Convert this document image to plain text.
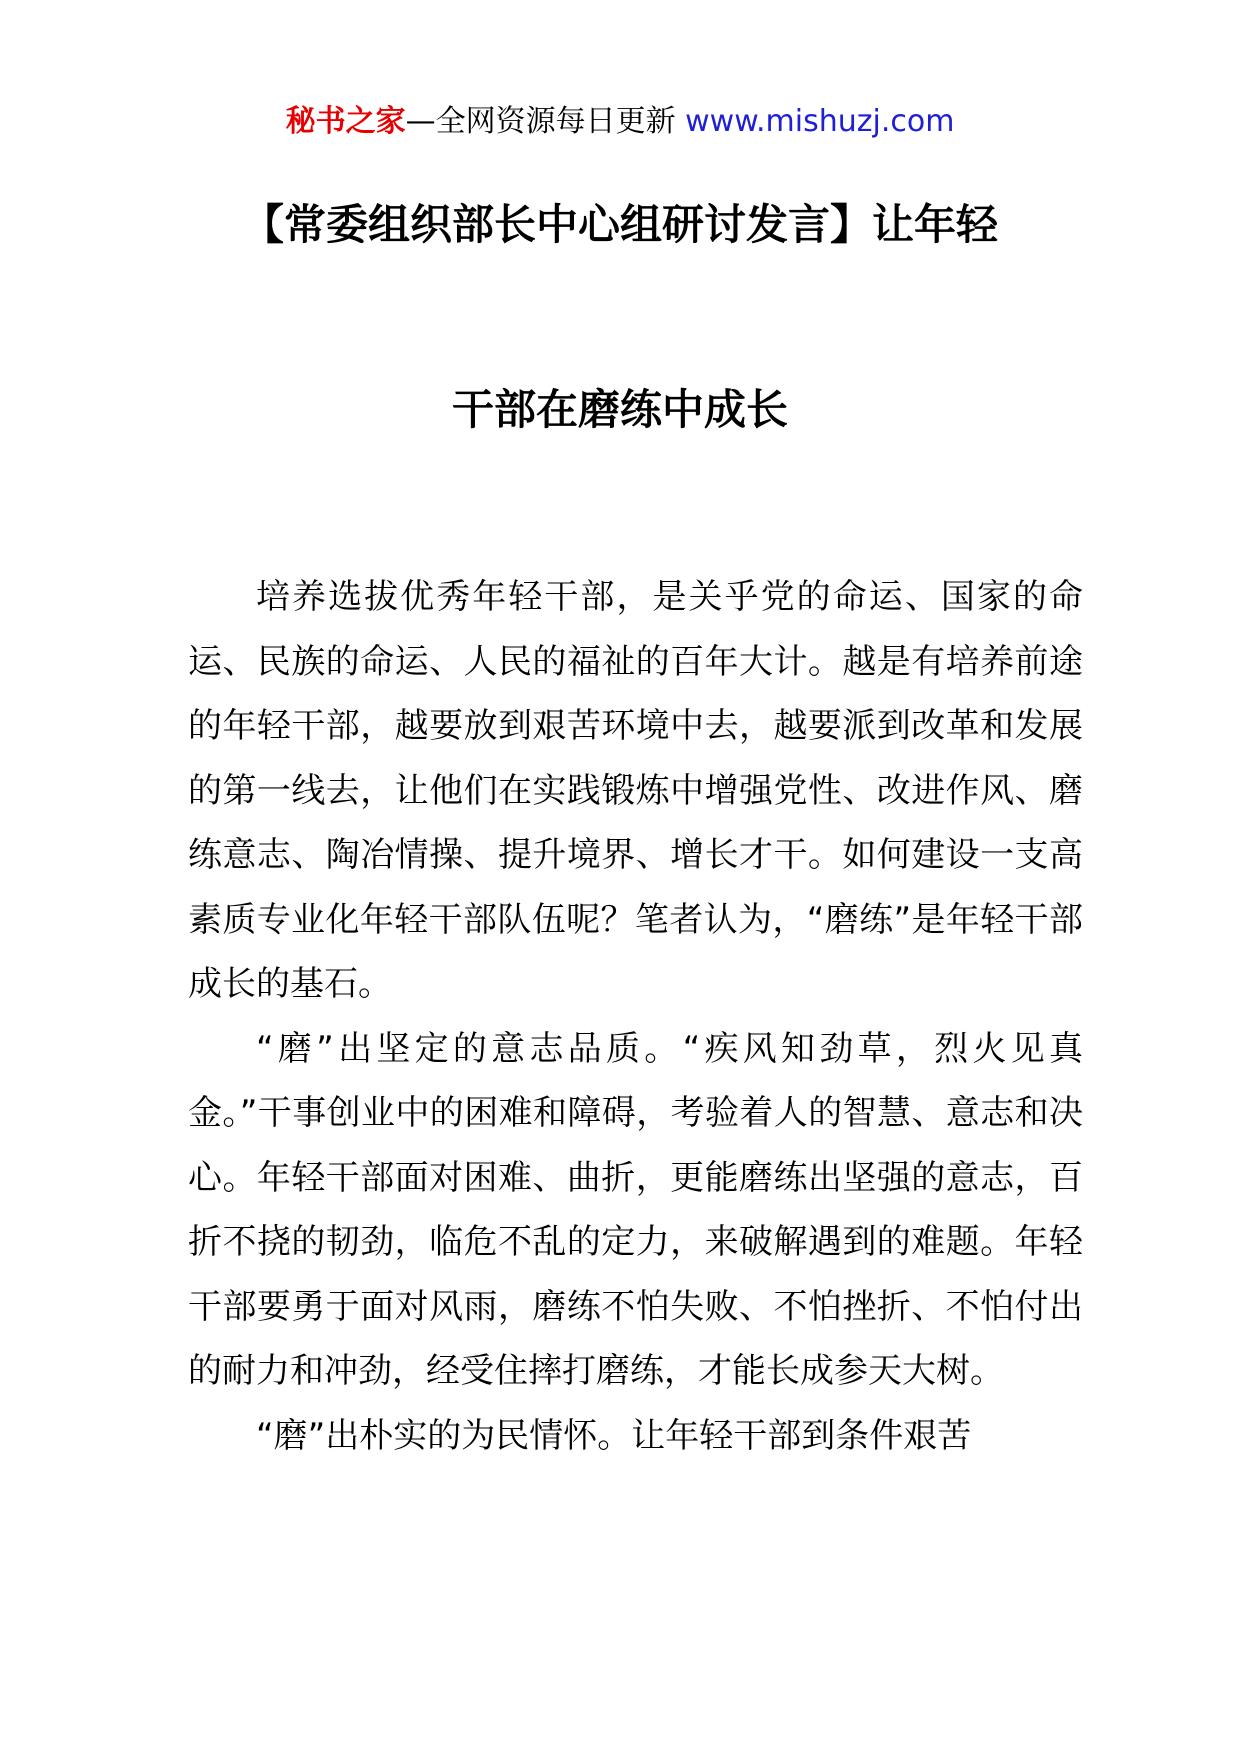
秘书之家—全网资源每日更新 www.mishuzj.com
【常委组织部长中心组研讨发言】让年轻
干部在磨练中成长

培养选拔优秀年轻干部，是关乎党的命运、国家的命运、民族的命运、人民的福祉的百年大计。越是有培养前途的年轻干部，越要放到艰苦环境中去，越要派到改革和发展的第一线去，让他们在实践锻炼中增强党性、改进作风、磨练意志、陶冶情操、提升境界、增长才干。如何建设一支高素质专业化年轻干部队伍呢？笔者认为，“磨练”是年轻干部成长的基石。

“磨”出坚定的意志品质。“疾风知劲草，烈火见真金。”干事创业中的困难和障碍，考验着人的智慧、意志和决心。年轻干部面对困难、曲折，更能磨练出坚强的意志，百折不挠的韧劲，临危不乱的定力，来破解遇到的难题。年轻干部要勇于面对风雨，磨练不怕失败、不怕挫折、不怕付出的耐力和冲劲，经受住摔打磨练，才能长成参天大树。

“磨”出朴实的为民情怀。让年轻干部到条件艰苦
